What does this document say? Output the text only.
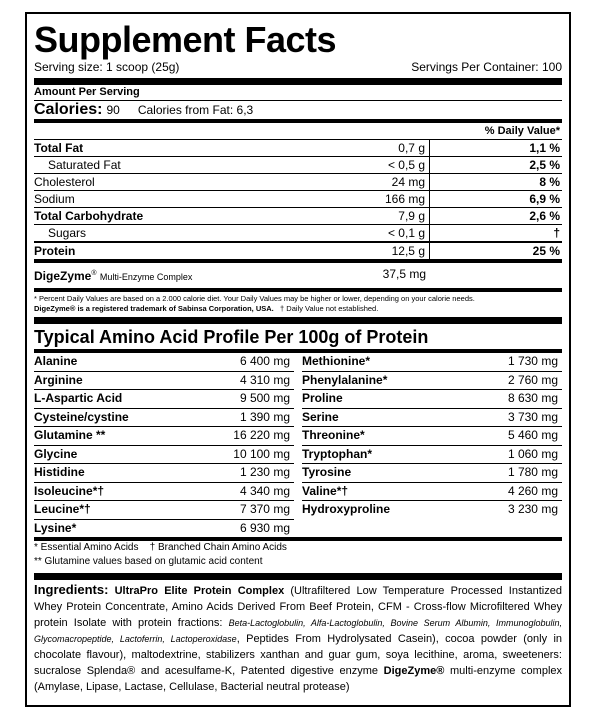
Supplement Facts
Serving size: 1 scoop (25g)	Servings Per Container: 100
Amount Per Serving
Calories: 90 Calories from Fat: 6,3
% Daily Value*
Total Fat	0,7 g	1,1 %
Saturated Fat	< 0,5 g	2,5 %
Cholesterol	24 mg	8 %
Sodium	166 mg	6,9 %
Total Carbohydrate	7,9 g	2,6 %
Sugars	< 0,1 g	†
Protein	12,5 g	25 %
DigeZyme® Multi-Enzyme Complex	37,5 mg
* Percent Daily Values are based on a 2.000 calorie diet. Your Daily Values may be higher or lower, depending on your calorie needs.
DigeZyme® is a registered trademark of Sabinsa Corporation, USA. † Daily Value not established.
Typical Amino Acid Profile Per 100g of Protein
Alanine	6 400 mg
Arginine	4 310 mg
L-Aspartic Acid	9 500 mg
Cysteine/cystine	1 390 mg
Glutamine **	16 220 mg
Glycine	10 100 mg
Histidine	1 230 mg
Isoleucine*†	4 340 mg
Leucine*†	7 370 mg
Lysine*	6 930 mg
Methionine*	1 730 mg
Phenylalanine*	2 760 mg
Proline	8 630 mg
Serine	3 730 mg
Threonine*	5 460 mg
Tryptophan*	1 060 mg
Tyrosine	1 780 mg
Valine*†	4 260 mg
Hydroxyproline	3 230 mg
* Essential Amino Acids † Branched Chain Amino Acids
** Glutamine values based on glutamic acid content
Ingredients: UltraPro Elite Protein Complex (Ultrafiltered Low Temperature Processed Instantized Whey Protein Concentrate, Amino Acids Derived From Beef Protein, CFM - Cross-flow Microfiltered Whey protein Isolate with protein fractions: Beta-Lactoglobulin, Alfa-Lactoglobulin, Bovine Serum Albumin, Immunoglobulin, Glycomacropeptide, Lactoferrin, Lactoperoxidase, Peptides From Hydrolysated Casein), cocoa powder (only in chocolate flavour), maltodextrine, stabilizers xanthan and guar gum, soya lecithine, aroma, sweeteners: sucralose Splenda® and acesulfame-K, Patented digestive enzyme DigeZyme® multi-enzyme complex (Amylase, Lipase, Lactase, Cellulase, Bacterial neutral protease)
